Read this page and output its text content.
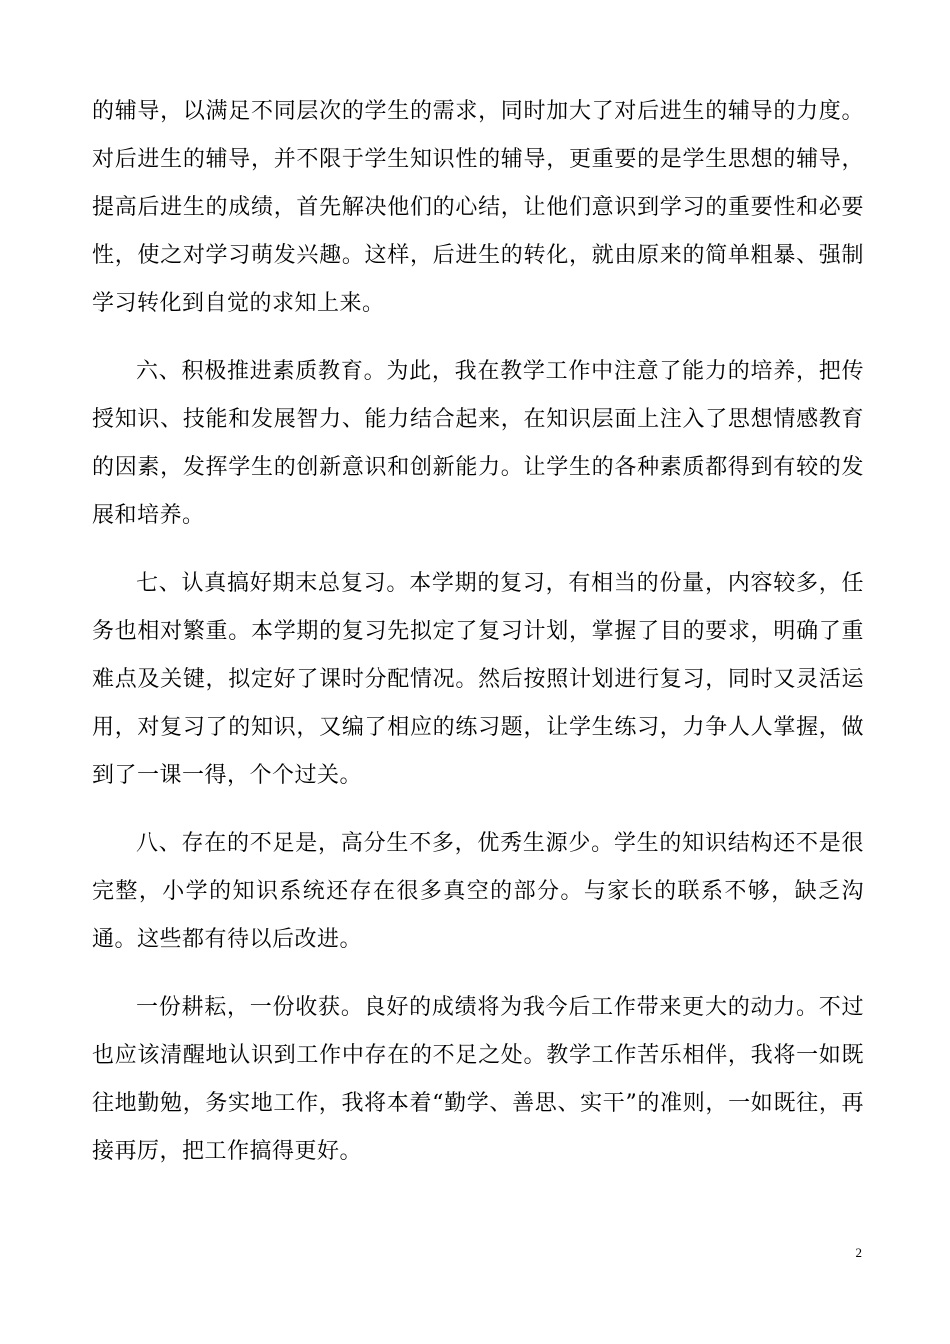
的辅导，以满足不同层次的学生的需求，同时加大了对后进生的辅导的力度。对后进生的辅导，并不限于学生知识性的辅导，更重要的是学生思想的辅导，提高后进生的成绩，首先解决他们的心结，让他们意识到学习的重要性和必要性，使之对学习萌发兴趣。这样，后进生的转化，就由原来的简单粗暴、强制学习转化到自觉的求知上来。

六、积极推进素质教育。为此，我在教学工作中注意了能力的培养，把传授知识、技能和发展智力、能力结合起来，在知识层面上注入了思想情感教育的因素，发挥学生的创新意识和创新能力。让学生的各种素质都得到有较的发展和培养。

七、认真搞好期末总复习。本学期的复习，有相当的份量，内容较多，任务也相对繁重。本学期的复习先拟定了复习计划，掌握了目的要求，明确了重难点及关键，拟定好了课时分配情况。然后按照计划进行复习，同时又灵活运用，对复习了的知识，又编了相应的练习题，让学生练习，力争人人掌握，做到了一课一得，个个过关。

八、存在的不足是，高分生不多，优秀生源少。学生的知识结构还不是很完整，小学的知识系统还存在很多真空的部分。与家长的联系不够，缺乏沟通。这些都有待以后改进。

一份耕耘，一份收获。良好的成绩将为我今后工作带来更大的动力。不过也应该清醒地认识到工作中存在的不足之处。教学工作苦乐相伴，我将一如既往地勤勉，务实地工作，我将本着“勤学、善思、实干”的准则，一如既往，再接再厉，把工作搞得更好。

2
